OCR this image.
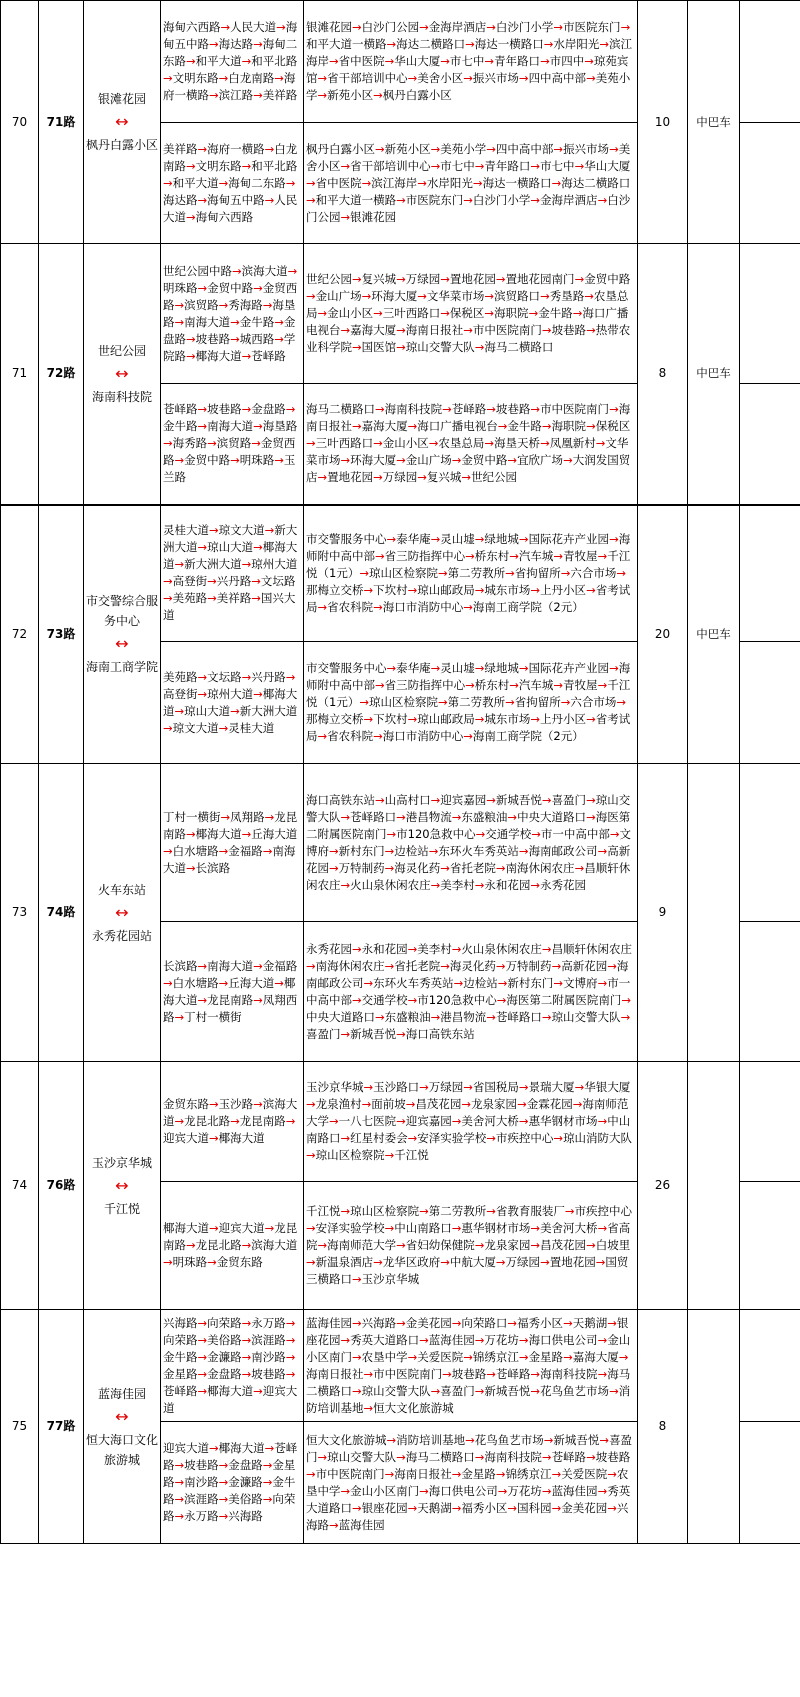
70	71路	银滩花园
↔
枫丹白露小区	海甸六西路→人民大道→海甸五中路→海达路→海甸二东路→和平大道→和平北路→文明东路→白龙南路→海府一横路→滨江路→美祥路	银滩花园→白沙门公园→金海岸酒店→白沙门小学→市医院东门→和平大道一横路→海达二横路口→海达一横路口→水岸阳光→滨江海岸→省中医院→华山大厦→市七中→青年路口→市四中→琼苑宾馆→省干部培训中心→美舍小区→振兴市场→四中高中部→美苑小学→新苑小区→枫丹白露小区	10	中巴车	
			美祥路→海府一横路→白龙南路→文明东路→和平北路→和平大道→海甸二东路→海达路→海甸五中路→人民大道→海甸六西路	枫丹白露小区→新苑小区→美苑小学→四中高中部→振兴市场→美舍小区→省干部培训中心→市七中→青年路口→市七中→华山大厦→省中医院→滨江海岸→水岸阳光→海达一横路口→海达二横路口→和平大道一横路→市医院东门→白沙门小学→金海岸酒店→白沙门公园→银滩花园			
71	72路	世纪公园
↔
海南科技院	世纪公园中路→滨海大道→明珠路→金贸中路→金贸西路→滨贸路→秀海路→海垦路→南海大道→金牛路→金盘路→坡巷路→城西路→学院路→椰海大道→苍峄路	世纪公园→复兴城→万绿园→置地花园→置地花园南门→金贸中路→金山广场→环海大厦→文华菜市场→滨贸路口→秀垦路→农垦总局→金山小区→三叶西路口→保税区→海职院→金牛路→海口广播电视台→嘉海大厦→海南日报社→市中医院南门→坡巷路→热带农业科学院→国医馆→琼山交警大队→海马二横路口	8	中巴车	
			苍峄路→坡巷路→金盘路→金牛路→南海大道→海垦路→海秀路→滨贸路→金贸西路→金贸中路→明珠路→玉兰路	海马二横路口→海南科技院→苍峄路→坡巷路→市中医院南门→海南日报社→嘉海大厦→海口广播电视台→金牛路→海职院→保税区→三叶西路口→金山小区→农垦总局→海垦天桥→凤凰新村→文华菜市场→环海大厦→金山广场→金贸中路→宜欣广场→大润发国贸店→置地花园→万绿园→复兴城→世纪公园			
72	73路	市交警综合服务中心
↔
海南工商学院	灵桂大道→琼文大道→新大洲大道→琼山大道→椰海大道→新大洲大道→琼州大道→高登街→兴丹路→文坛路→美苑路→美祥路→国兴大道	市交警服务中心→泰华庵→灵山墟→绿地城→国际花卉产业园→海师附中高中部→省三防指挥中心→桥东村→汽车城→青牧屋→千江悦（1元）→琼山区检察院→第二劳教所→省拘留所→六合市场→那梅立交桥→下坎村→琼山邮政局→城东市场→上丹小区→省考试局→省农科院→海口市消防中心→海南工商学院（2元）	20	中巴车	
			美苑路→文坛路→兴丹路→高登街→琼州大道→椰海大道→琼山大道→新大洲大道→琼文大道→灵桂大道	市交警服务中心→泰华庵→灵山墟→绿地城→国际花卉产业园→海师附中高中部→省三防指挥中心→桥东村→汽车城→青牧屋→千江悦（1元）→琼山区检察院→第二劳教所→省拘留所→六合市场→那梅立交桥→下坎村→琼山邮政局→城东市场→上丹小区→省考试局→省农科院→海口市消防中心→海南工商学院（2元）			
73	74路	火车东站
↔
永秀花园站	丁村一横街→凤翔路→龙昆南路→椰海大道→丘海大道→白水塘路→金福路→南海大道→长滨路	海口高铁东站→山高村口→迎宾嘉园→新城吾悦→喜盈门→琼山交警大队→苍峄路口→港昌物流→东盛粮油→中央大道路口→海医第二附属医院南门→市120急救中心→交通学校→市一中高中部→文博府→新村东门→边检站→东环火车秀英站→海南邮政公司→高新花园→万特制药→海灵化药→省托老院→南海休闲农庄→昌顺轩休闲农庄→火山泉休闲农庄→美李村→永和花园→永秀花园	9		
			长滨路→南海大道→金福路→白水塘路→丘海大道→椰海大道→龙昆南路→凤翔西路→丁村一横街	永秀花园→永和花园→美李村→火山泉休闲农庄→昌顺轩休闲农庄→南海休闲农庄→省托老院→海灵化药→万特制药→高新花园→海南邮政公司→东环火车秀英站→边检站→新村东门→文博府→市一中高中部→交通学校→市120急救中心→海医第二附属医院南门→中央大道路口→东盛粮油→港昌物流→苍峄路口→琼山交警大队→喜盈门→新城吾悦→海口高铁东站			
74	76路	玉沙京华城
↔
千江悦	金贸东路→玉沙路→滨海大道→龙昆北路→龙昆南路→迎宾大道→椰海大道	玉沙京华城→玉沙路口→万绿园→省国税局→景瑞大厦→华银大厦→龙泉渔村→面前坡→昌茂花园→龙泉家园→金霖花园→海南师范大学→一八七医院→迎宾嘉园→美舍河大桥→惠华钢材市场→中山南路口→红星村委会→安泽实验学校→市疾控中心→琼山消防大队→琼山区检察院→千江悦	26		
			椰海大道→迎宾大道→龙昆南路→龙昆北路→滨海大道→明珠路→金贸东路	千江悦→琼山区检察院→第二劳教所→省教育服装厂→市疾控中心→安泽实验学校→中山南路口→惠华钢材市场→美舍河大桥→省高院→海南师范大学→省妇幼保健院→龙泉家园→昌茂花园→白坡里→新温泉酒店→龙华区政府→中航大厦→万绿园→置地花园→国贸三横路口→玉沙京华城			
75	77路	蓝海佳园
↔
恒大海口文化旅游城	兴海路→向荣路→永万路→向荣路→美俗路→滨涯路→金牛路→金濂路→南沙路→金星路→金盘路→坡巷路→苍峄路→椰海大道→迎宾大道	蓝海佳园→兴海路→金美花园→向荣路口→福秀小区→天鹅湖→银座花园→秀英大道路口→蓝海佳园→万花坊→海口供电公司→金山小区南门→农垦中学→关爱医院→锦绣京江→金星路→嘉海大厦→海南日报社→市中医院南门→坡巷路→苍峄路→海南科技院→海马二横路口→琼山交警大队→喜盈门→新城吾悦→花鸟鱼艺市场→消防培训基地→恒大文化旅游城	8		
			迎宾大道→椰海大道→苍峄路→坡巷路→金盘路→金星路→南沙路→金濂路→金牛路→滨涯路→美俗路→向荣路→永万路→兴海路	恒大文化旅游城→消防培训基地→花鸟鱼艺市场→新城吾悦→喜盈门→琼山交警大队→海马二横路口→海南科技院→苍峄路→坡巷路→市中医院南门→海南日报社→金星路→锦绣京江→关爱医院→农垦中学→金山小区南门→海口供电公司→万花坊→蓝海佳园→秀英大道路口→银座花园→天鹅湖→福秀小区→国科园→金美花园→兴海路→蓝海佳园			
